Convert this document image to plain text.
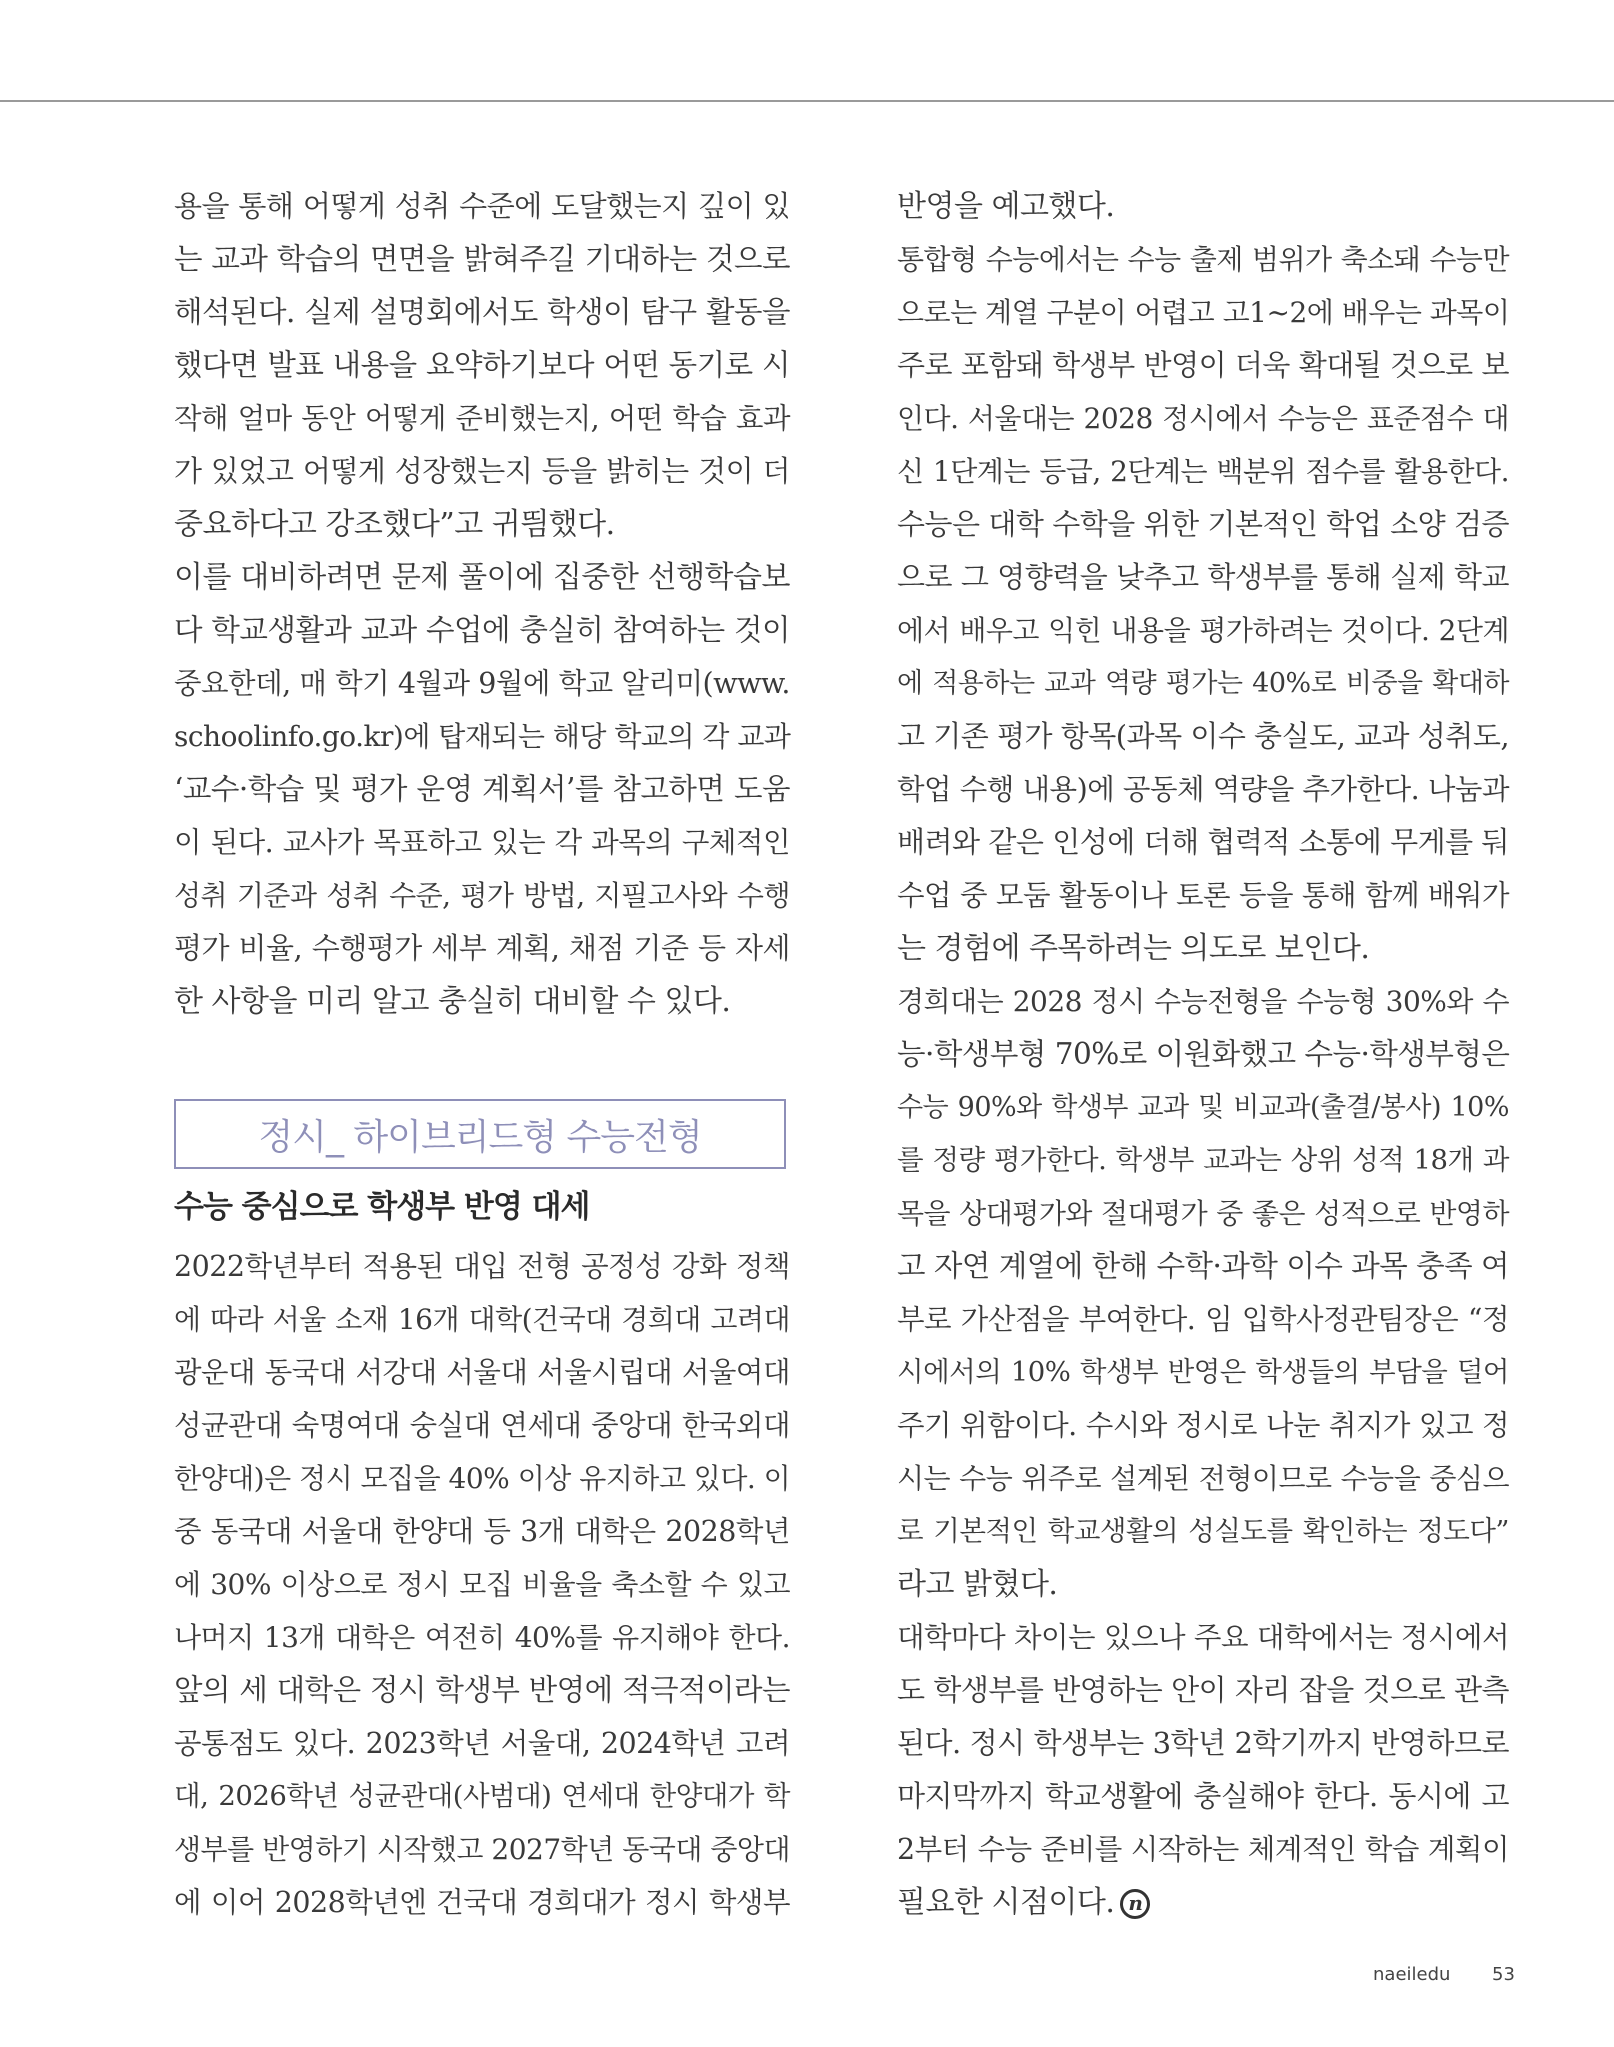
용을 통해 어떻게 성취 수준에 도달했는지 깊이 있
는 교과 학습의 면면을 밝혀주길 기대하는 것으로
해석된다. 실제 설명회에서도 학생이 탐구 활동을
했다면 발표 내용을 요약하기보다 어떤 동기로 시
작해 얼마 동안 어떻게 준비했는지, 어떤 학습 효과
가 있었고 어떻게 성장했는지 등을 밝히는 것이 더
중요하다고 강조했다”고 귀띔했다.
이를 대비하려면 문제 풀이에 집중한 선행학습보
다 학교생활과 교과 수업에 충실히 참여하는 것이
중요한데, 매 학기 4월과 9월에 학교 알리미(www.
schoolinfo.go.kr)에 탑재되는 해당 학교의 각 교과
‘교수·학습 및 평가 운영 계획서’를 참고하면 도움
이 된다. 교사가 목표하고 있는 각 과목의 구체적인
성취 기준과 성취 수준, 평가 방법, 지필고사와 수행
평가 비율, 수행평가 세부 계획, 채점 기준 등 자세
한 사항을 미리 알고 충실히 대비할 수 있다.
정시_ 하이브리드형 수능전형
수능 중심으로 학생부 반영 대세
2022학년부터 적용된 대입 전형 공정성 강화 정책
에 따라 서울 소재 16개 대학(건국대 경희대 고려대
광운대 동국대 서강대 서울대 서울시립대 서울여대
성균관대 숙명여대 숭실대 연세대 중앙대 한국외대
한양대)은 정시 모집을 40% 이상 유지하고 있다. 이
중 동국대 서울대 한양대 등 3개 대학은 2028학년
에 30% 이상으로 정시 모집 비율을 축소할 수 있고
나머지 13개 대학은 여전히 40%를 유지해야 한다.
앞의 세 대학은 정시 학생부 반영에 적극적이라는
공통점도 있다. 2023학년 서울대, 2024학년 고려
대, 2026학년 성균관대(사범대) 연세대 한양대가 학
생부를 반영하기 시작했고 2027학년 동국대 중앙대
에 이어 2028학년엔 건국대 경희대가 정시 학생부
반영을 예고했다.
통합형 수능에서는 수능 출제 범위가 축소돼 수능만
으로는 계열 구분이 어렵고 고1~2에 배우는 과목이
주로 포함돼 학생부 반영이 더욱 확대될 것으로 보
인다. 서울대는 2028 정시에서 수능은 표준점수 대
신 1단계는 등급, 2단계는 백분위 점수를 활용한다.
수능은 대학 수학을 위한 기본적인 학업 소양 검증
으로 그 영향력을 낮추고 학생부를 통해 실제 학교
에서 배우고 익힌 내용을 평가하려는 것이다. 2단계
에 적용하는 교과 역량 평가는 40%로 비중을 확대하
고 기존 평가 항목(과목 이수 충실도, 교과 성취도,
학업 수행 내용)에 공동체 역량을 추가한다. 나눔과
배려와 같은 인성에 더해 협력적 소통에 무게를 둬
수업 중 모둠 활동이나 토론 등을 통해 함께 배워가
는 경험에 주목하려는 의도로 보인다.
경희대는 2028 정시 수능전형을 수능형 30%와 수
능·학생부형 70%로 이원화했고 수능·학생부형은
수능 90%와 학생부 교과 및 비교과(출결/봉사) 10%
를 정량 평가한다. 학생부 교과는 상위 성적 18개 과
목을 상대평가와 절대평가 중 좋은 성적으로 반영하
고 자연 계열에 한해 수학·과학 이수 과목 충족 여
부로 가산점을 부여한다. 임 입학사정관팀장은 “정
시에서의 10% 학생부 반영은 학생들의 부담을 덜어
주기 위함이다. 수시와 정시로 나눈 취지가 있고 정
시는 수능 위주로 설계된 전형이므로 수능을 중심으
로 기본적인 학교생활의 성실도를 확인하는 정도다”
라고 밝혔다.
대학마다 차이는 있으나 주요 대학에서는 정시에서
도 학생부를 반영하는 안이 자리 잡을 것으로 관측
된다. 정시 학생부는 3학년 2학기까지 반영하므로
마지막까지 학교생활에 충실해야 한다. 동시에 고
2부터 수능 준비를 시작하는 체계적인 학습 계획이
필요한 시점이다. n
naeiledu 53
